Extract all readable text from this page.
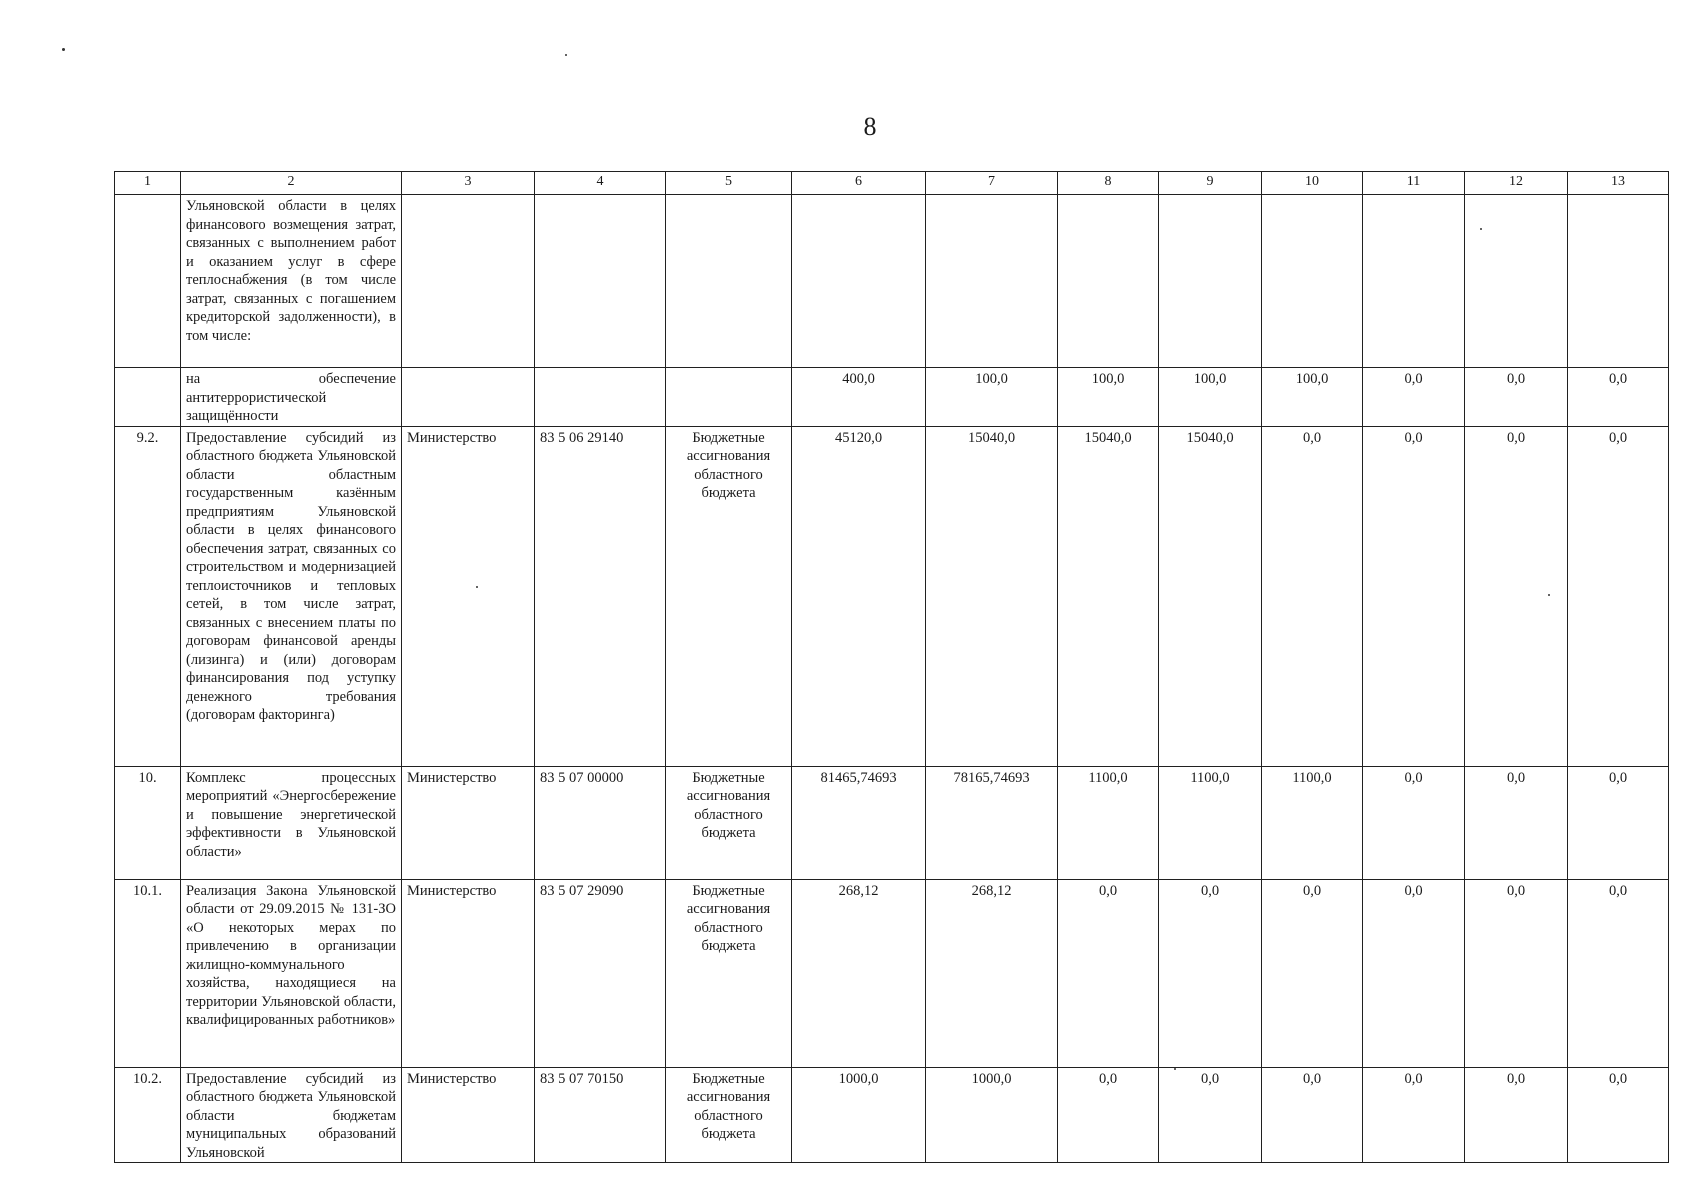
8
1	2	3	4	5	6	7	8	9	10	11	12	13
	Ульяновской области в целях финансового возмещения затрат, связанных с выполнением работ и оказанием услуг в сфере теплоснабжения (в том числе затрат, связанных с погашением кредиторской задолженности), в том числе:											
	на обеспечение антитеррористической защищённости				400,0	100,0	100,0	100,0	100,0	0,0	0,0	0,0
9.2.	Предоставление субсидий из областного бюджета Ульяновской области областным государственным казённым предприятиям Ульяновской области в целях финансового обеспечения затрат, связанных со строительством и модернизацией теплоисточников и тепловых сетей, в том числе затрат, связанных с внесением платы по договорам финансовой аренды (лизинга) и (или) договорам финансирования под уступку денежного требования (договорам факторинга)	Министерство	83 5 06 29140	Бюджетные ассигнования областного бюджета	45120,0	15040,0	15040,0	15040,0	0,0	0,0	0,0	0,0
10.	Комплекс процессных мероприятий «Энергосбережение и повышение энергетической эффективности в Ульяновской области»	Министерство	83 5 07 00000	Бюджетные ассигнования областного бюджета	81465,74693	78165,74693	1100,0	1100,0	1100,0	0,0	0,0	0,0
10.1.	Реализация Закона Ульяновской области от 29.09.2015 № 131-ЗО «О некоторых мерах по привлечению в организации жилищно-коммунального хозяйства, находящиеся на территории Ульяновской области, квалифицированных работников»	Министерство	83 5 07 29090	Бюджетные ассигнования областного бюджета	268,12	268,12	0,0	0,0	0,0	0,0	0,0	0,0
10.2.	Предоставление субсидий из областного бюджета Ульяновской области бюджетам муниципальных образований Ульяновской	Министерство	83 5 07 70150	Бюджетные ассигнования областного бюджета	1000,0	1000,0	0,0	0,0	0,0	0,0	0,0	0,0
